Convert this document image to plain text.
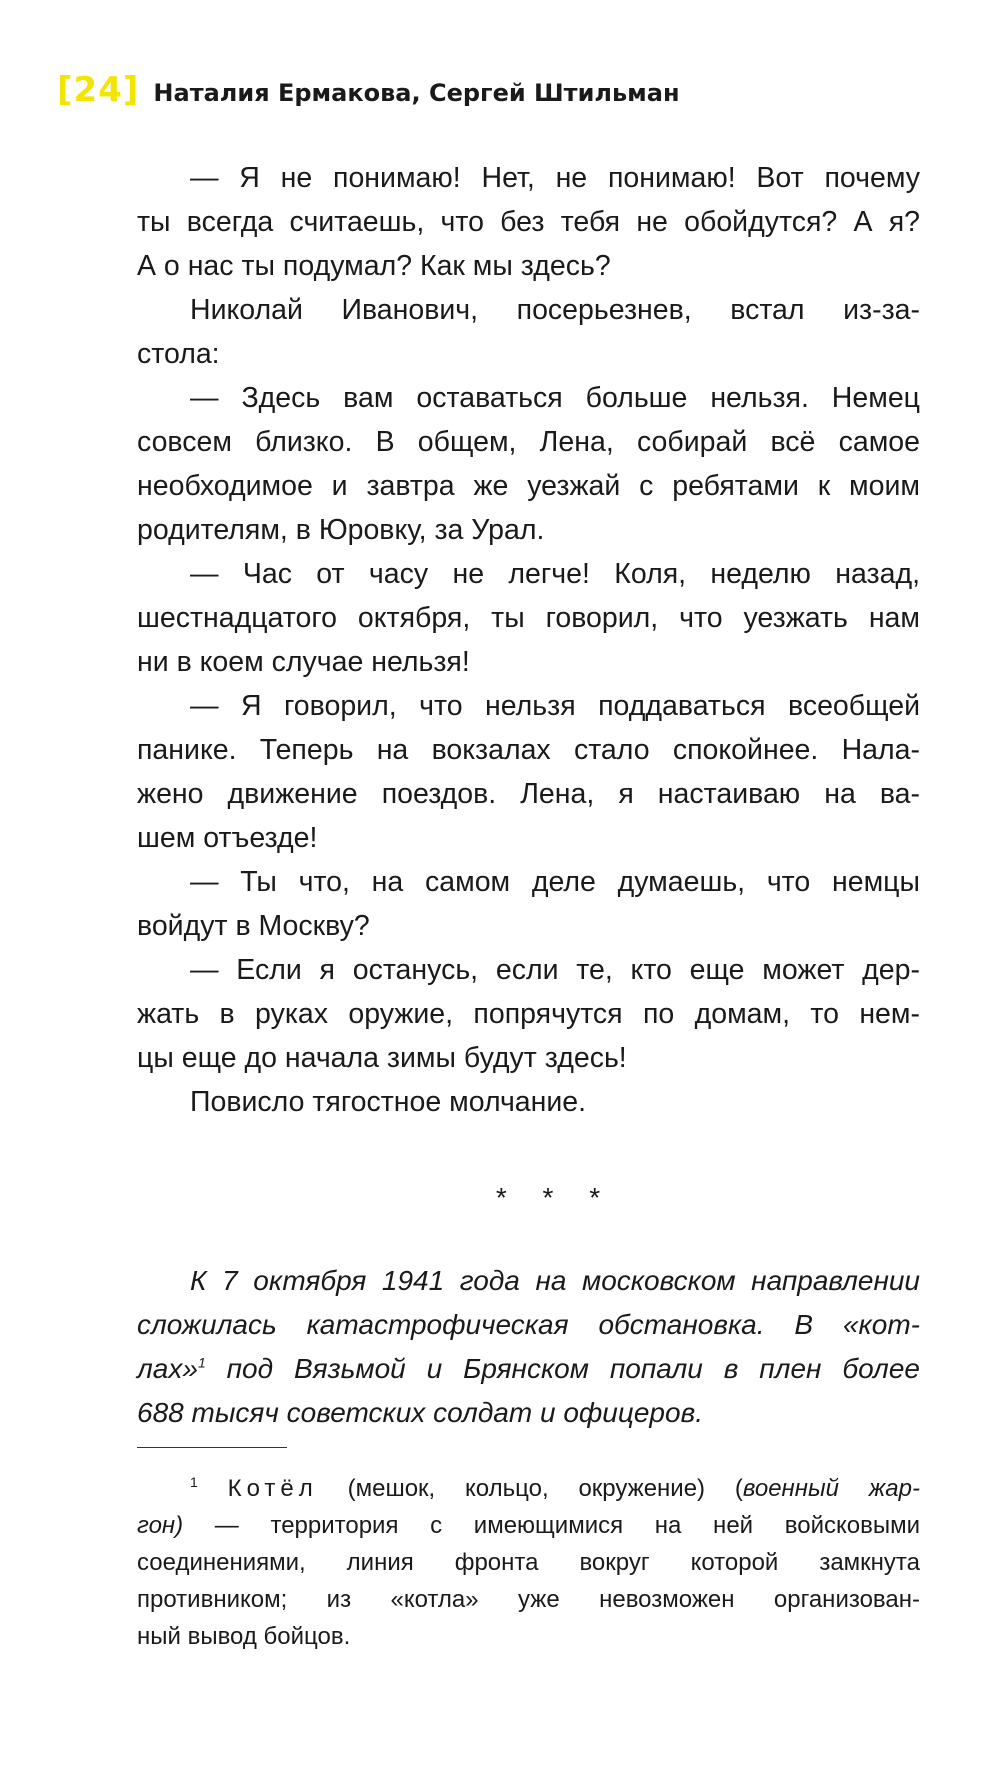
[24] Наталия Ермакова, Сергей Штильман
— Я не понимаю! Нет, не понимаю! Вот почему
ты всегда считаешь, что без тебя не обойдутся? А я?
А о нас ты подумал? Как мы здесь?
Николай Иванович, посерьезнев, встал из-за-
стола:
— Здесь вам оставаться больше нельзя. Немец
совсем близко. В общем, Лена, собирай всё самое
необходимое и завтра же уезжай с ребятами к моим
родителям, в Юровку, за Урал.
— Час от часу не легче! Коля, неделю назад,
шестнадцатого октября, ты говорил, что уезжать нам
ни в коем случае нельзя!
— Я говорил, что нельзя поддаваться всеобщей
панике. Теперь на вокзалах стало спокойнее. Нала-
жено движение поездов. Лена, я настаиваю на ва-
шем отъезде!
— Ты что, на самом деле думаешь, что немцы
войдут в Москву?
— Если я останусь, если те, кто еще может дер-
жать в руках оружие, попрячутся по домам, то нем-
цы еще до начала зимы будут здесь!
Повисло тягостное молчание.
* * *
К 7 октября 1941 года на московском направлении
сложилась катастрофическая обстановка. В «кот-
лах»$^1$ под Вязьмой и Брянском попали в плен более
688 тысяч советских солдат и офицеров.
$^1$ Котёл (мешок, кольцо, окружение) (военный жар-
гон) — территория с имеющимися на ней войсковыми
соединениями, линия фронта вокруг которой замкнута
противником; из «котла» уже невозможен организован-
ный вывод бойцов.
